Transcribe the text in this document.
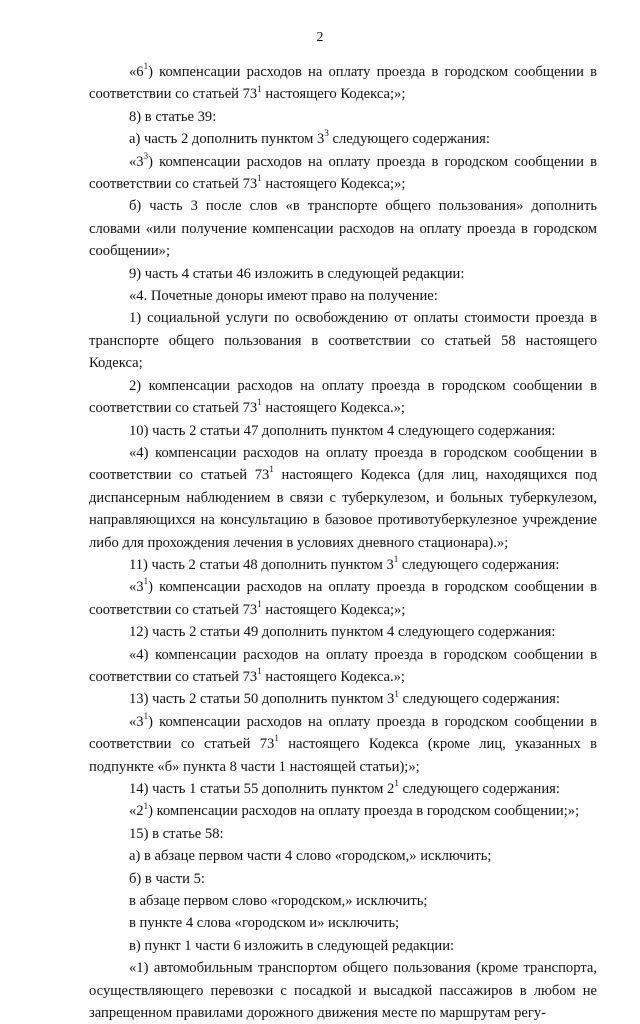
2

«$6^1$) компенсации расходов на оплату проезда в городском сообщении в соответствии со статьей $73^1$ настоящего Кодекса;»;

8) в статье 39:

а) часть 2 дополнить пунктом $3^3$ следующего содержания:

«$3^3$) компенсации расходов на оплату проезда в городском сообщении в соответствии со статьей $73^1$ настоящего Кодекса;»;

б) часть 3 после слов «в транспорте общего пользования» дополнить словами «или получение компенсации расходов на оплату проезда в городском сообщении»;

9) часть 4 статьи 46 изложить в следующей редакции:

«4. Почетные доноры имеют право на получение:

1) социальной услуги по освобождению от оплаты стоимости проезда в транспорте общего пользования в соответствии со статьей 58 настоящего Кодекса;

2) компенсации расходов на оплату проезда в городском сообщении в соответствии со статьей $73^1$ настоящего Кодекса.»;

10) часть 2 статьи 47 дополнить пунктом 4 следующего содержания:

«4) компенсации расходов на оплату проезда в городском сообщении в соответствии со статьей $73^1$ настоящего Кодекса (для лиц, находящихся под диспансерным наблюдением в связи с туберкулезом, и больных туберкулезом, направляющихся на консультацию в базовое противотуберкулезное учреждение либо для прохождения лечения в условиях дневного стационара).»;

11) часть 2 статьи 48 дополнить пунктом $3^1$ следующего содержания:

«$3^1$) компенсации расходов на оплату проезда в городском сообщении в соответствии со статьей $73^1$ настоящего Кодекса;»;

12) часть 2 статьи 49 дополнить пунктом 4 следующего содержания:

«4) компенсации расходов на оплату проезда в городском сообщении в соответствии со статьей $73^1$ настоящего Кодекса.»;

13) часть 2 статьи 50 дополнить пунктом $3^1$ следующего содержания:

«$3^1$) компенсации расходов на оплату проезда в городском сообщении в соответствии со статьей $73^1$ настоящего Кодекса (кроме лиц, указанных в подпункте «б» пункта 8 части 1 настоящей статьи);»;

14) часть 1 статьи 55 дополнить пунктом $2^1$ следующего содержания:

«$2^1$) компенсации расходов на оплату проезда в городском сообщении;»;

15) в статье 58:

а) в абзаце первом части 4 слово «городском,» исключить;

б) в части 5:

в абзаце первом слово «городском,» исключить;

в пункте 4 слова «городском и» исключить;

в) пункт 1 части 6 изложить в следующей редакции:

«1) автомобильным транспортом общего пользования (кроме транспорта, осуществляющего перевозки с посадкой и высадкой пассажиров в любом не запрещенном правилами дорожного движения месте по маршрутам регу-
